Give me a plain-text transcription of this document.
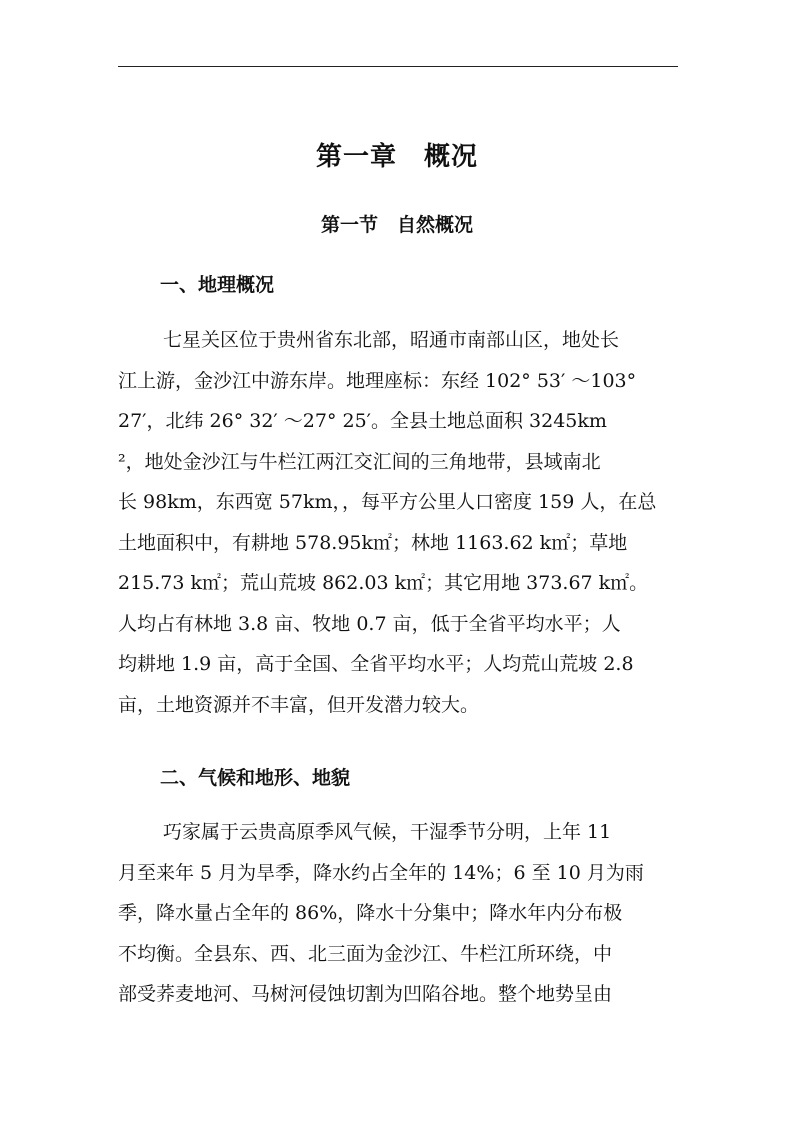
第一章　概况
第一节　自然概况
一、地理概况
七星关区位于贵州省东北部，昭通市南部山区，地处长
江上游，金沙江中游东岸。地理座标：东经 102° 53′ ～103°
27′，北纬 26° 32′ ～27° 25′。全县土地总面积 3245km
²，地处金沙江与牛栏江两江交汇间的三角地带，县域南北
长 98km，东西宽 57km，，每平方公里人口密度 159 人，在总
土地面积中，有耕地 578.95k㎡；林地 1163.62 k㎡；草地
215.73 k㎡；荒山荒坡 862.03 k㎡；其它用地 373.67 k㎡。
人均占有林地 3.8 亩、牧地 0.7 亩，低于全省平均水平；人
均耕地 1.9 亩，高于全国、全省平均水平；人均荒山荒坡 2.8
亩，土地资源并不丰富，但开发潜力较大。
二、气候和地形、地貌
巧家属于云贵高原季风气候，干湿季节分明，上年 11
月至来年 5 月为旱季，降水约占全年的 14%；6 至 10 月为雨
季，降水量占全年的 86%，降水十分集中；降水年内分布极
不均衡。全县东、西、北三面为金沙江、牛栏江所环绕，中
部受荞麦地河、马树河侵蚀切割为凹陷谷地。整个地势呈由
